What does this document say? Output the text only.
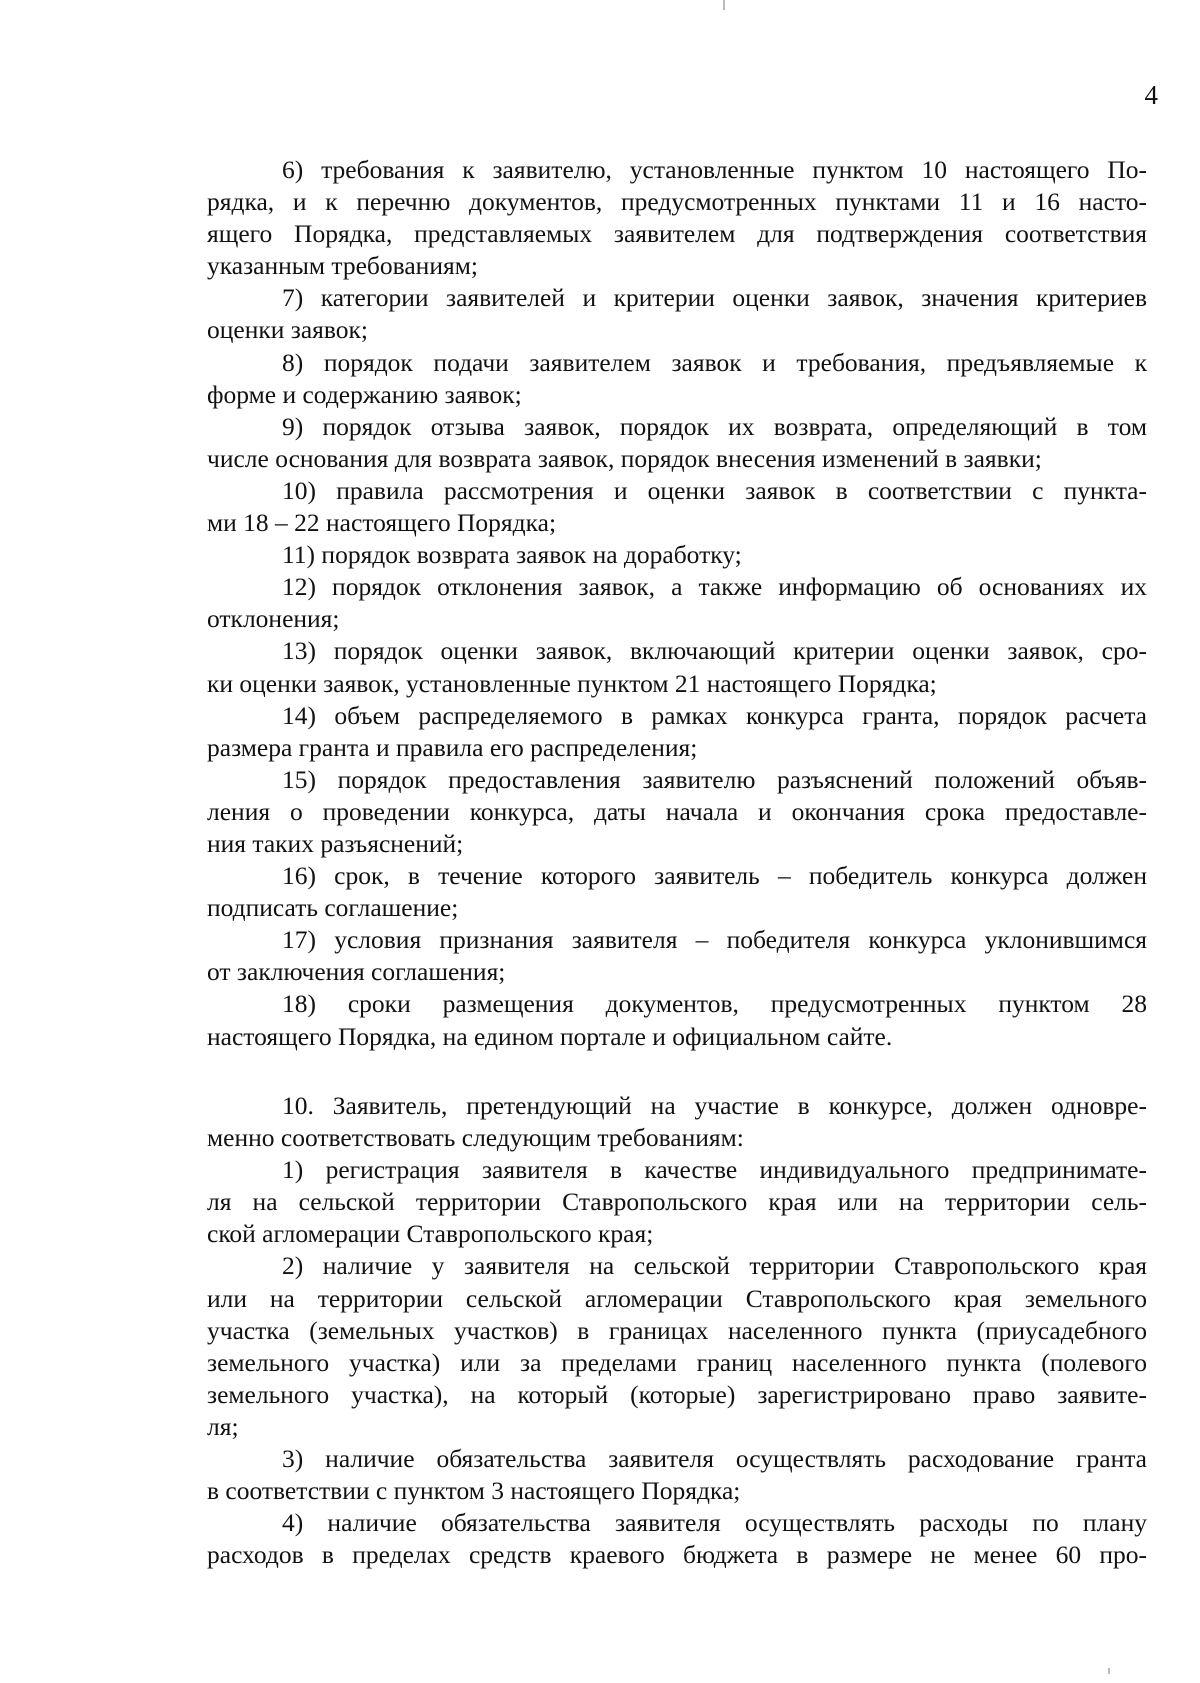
4
6) требования к заявителю, установленные пунктом 10 настоящего По-
рядка, и к перечню документов, предусмотренных пунктами 11 и 16 насто-
ящего Порядка, представляемых заявителем для подтверждения соответствия
указанным требованиям;
7) категории заявителей и критерии оценки заявок, значения критериев
оценки заявок;
8) порядок подачи заявителем заявок и требования, предъявляемые к
форме и содержанию заявок;
9) порядок отзыва заявок, порядок их возврата, определяющий в том
числе основания для возврата заявок, порядок внесения изменений в заявки;
10) правила рассмотрения и оценки заявок в соответствии с пункта-
ми 18 – 22 настоящего Порядка;
11) порядок возврата заявок на доработку;
12) порядок отклонения заявок, а также информацию об основаниях их
отклонения;
13) порядок оценки заявок, включающий критерии оценки заявок, сро-
ки оценки заявок, установленные пунктом 21 настоящего Порядка;
14) объем распределяемого в рамках конкурса гранта, порядок расчета
размера гранта и правила его распределения;
15) порядок предоставления заявителю разъяснений положений объяв-
ления о проведении конкурса, даты начала и окончания срока предоставле-
ния таких разъяснений;
16) срок, в течение которого заявитель – победитель конкурса должен
подписать соглашение;
17) условия признания заявителя – победителя конкурса уклонившимся
от заключения соглашения;
18) сроки размещения документов, предусмотренных пунктом 28
настоящего Порядка, на едином портале и официальном сайте.
10. Заявитель, претендующий на участие в конкурсе, должен одновре-
менно соответствовать следующим требованиям:
1) регистрация заявителя в качестве индивидуального предпринимате-
ля на сельской территории Ставропольского края или на территории сель-
ской агломерации Ставропольского края;
2) наличие у заявителя на сельской территории Ставропольского края
или на территории сельской агломерации Ставропольского края земельного
участка (земельных участков) в границах населенного пункта (приусадебного
земельного участка) или за пределами границ населенного пункта (полевого
земельного участка), на который (которые) зарегистрировано право заявите-
ля;
3) наличие обязательства заявителя осуществлять расходование гранта
в соответствии с пунктом 3 настоящего Порядка;
4) наличие обязательства заявителя осуществлять расходы по плану
расходов в пределах средств краевого бюджета в размере не менее 60 про-
